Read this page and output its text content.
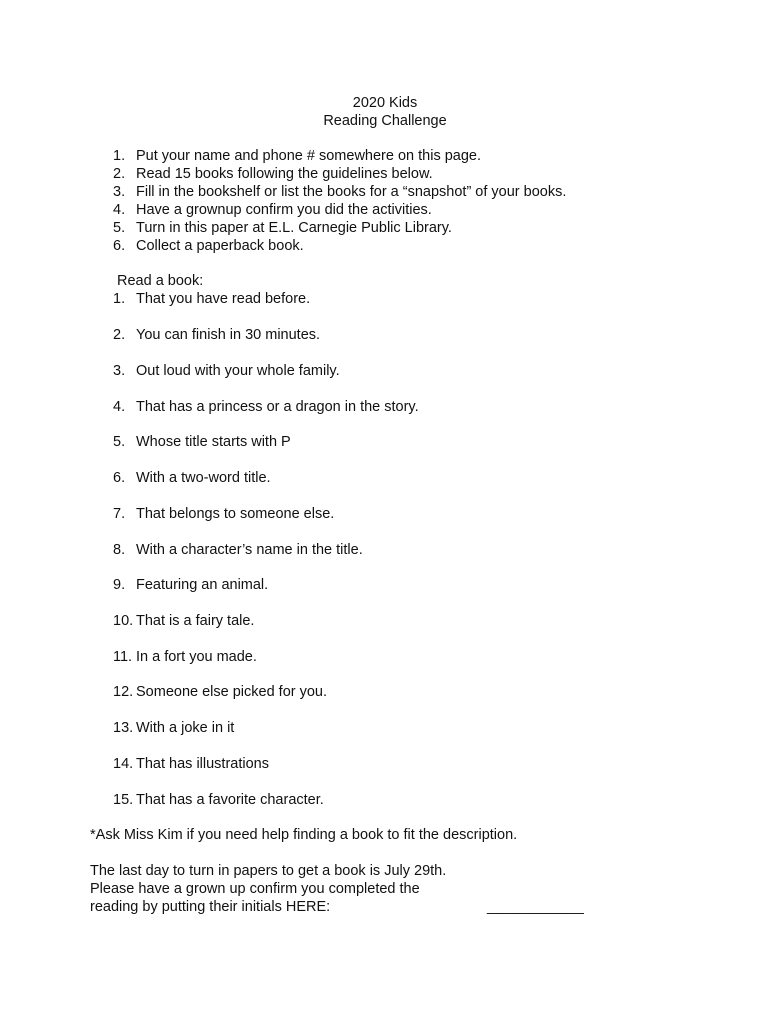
2020 Kids
Reading Challenge
1. Put your name and phone # somewhere on this page.
2. Read 15 books following the guidelines below.
3. Fill in the bookshelf or list the books for a “snapshot” of your books.
4. Have a grownup confirm you did the activities.
5. Turn in this paper at E.L. Carnegie Public Library.
6. Collect a paperback book.
Read a book:
1. That you have read before.
2. You can finish in 30 minutes.
3. Out loud with your whole family.
4. That has a princess or a dragon in the story.
5. Whose title starts with P
6. With a two-word title.
7. That belongs to someone else.
8. With a character’s name in the title.
9. Featuring an animal.
10. That is a fairy tale.
11. In a fort you made.
12. Someone else picked for you.
13. With a joke in it
14. That has illustrations
15. That has a favorite character.
*Ask Miss Kim if you need help finding a book to fit the description.
The last day to turn in papers to get a book is July 29th.
Please have a grown up confirm you completed the
reading by putting their initials HERE:	____________
